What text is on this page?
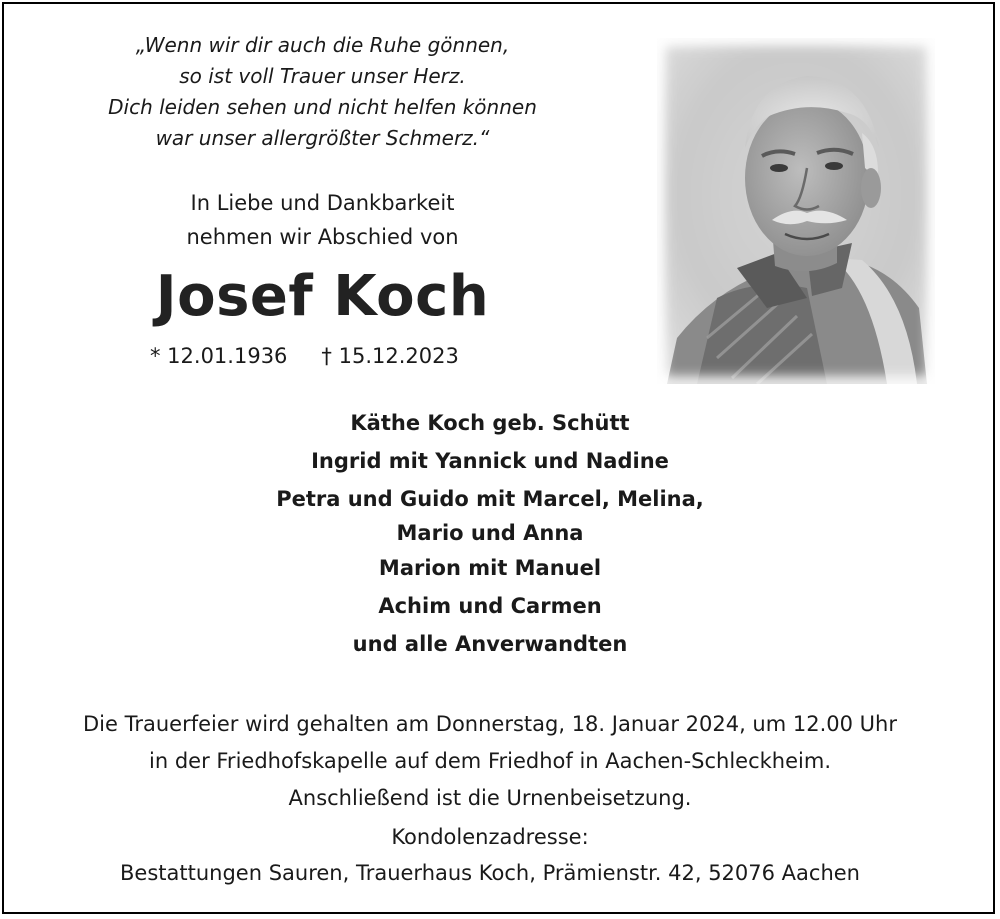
„Wenn wir dir auch die Ruhe gönnen,
so ist voll Trauer unser Herz.
Dich leiden sehen und nicht helfen können
war unser allergrößter Schmerz.“
In Liebe und Dankbarkeit
nehmen wir Abschied von
Josef Koch
* 12.01.1936 † 15.12.2023
Käthe Koch geb. Schütt
Ingrid mit Yannick und Nadine
Petra und Guido mit Marcel, Melina,
Mario und Anna
Marion mit Manuel
Achim und Carmen
und alle Anverwandten
Die Trauerfeier wird gehalten am Donnerstag, 18. Januar 2024, um 12.00 Uhr
in der Friedhofskapelle auf dem Friedhof in Aachen-Schleckheim.
Anschließend ist die Urnenbeisetzung.
Kondolenzadresse:
Bestattungen Sauren, Trauerhaus Koch, Prämienstr. 42, 52076 Aachen
